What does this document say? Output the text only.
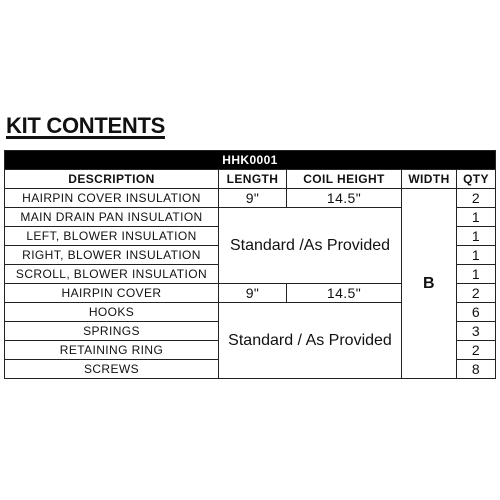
KIT CONTENTS
HHK0001				
DESCRIPTION	LENGTH	COIL HEIGHT	WIDTH	QTY
HAIRPIN COVER INSULATION	9"	14.5"	B	2
MAIN DRAIN PAN INSULATION	Standard /As Provided			1
LEFT, BLOWER INSULATION				1
RIGHT, BLOWER INSULATION				1
SCROLL, BLOWER INSULATION				1
HAIRPIN COVER	9"	14.5"		2
HOOKS	Standard / As Provided			6
SPRINGS				3
RETAINING RING				2
SCREWS				8
